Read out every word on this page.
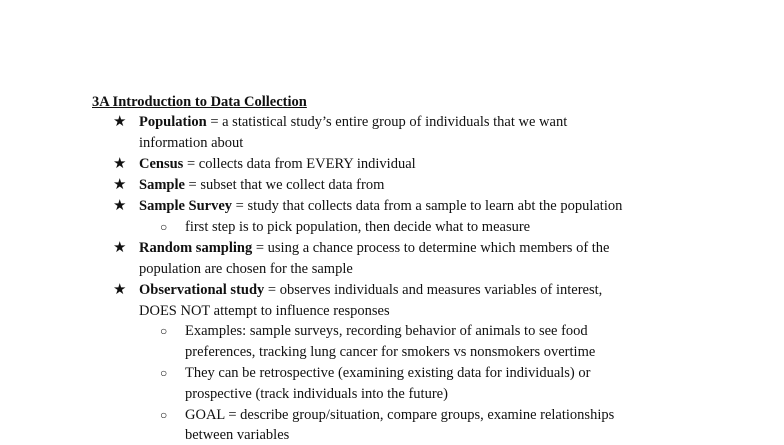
3A Introduction to Data Collection
★ Population = a statistical study’s entire group of individuals that we want
information about
★ Census = collects data from EVERY individual
★ Sample = subset that we collect data from
★ Sample Survey = study that collects data from a sample to learn abt the population
○	first step is to pick population, then decide what to measure
★ Random sampling = using a chance process to determine which members of the
population are chosen for the sample
★ Observational study = observes individuals and measures variables of interest,
DOES NOT attempt to influence responses
○	Examples: sample surveys, recording behavior of animals to see food
preferences, tracking lung cancer for smokers vs nonsmokers overtime
○	They can be retrospective (examining existing data for individuals) or
prospective (track individuals into the future)
○	GOAL = describe group/situation, compare groups, examine relationships
between variables
